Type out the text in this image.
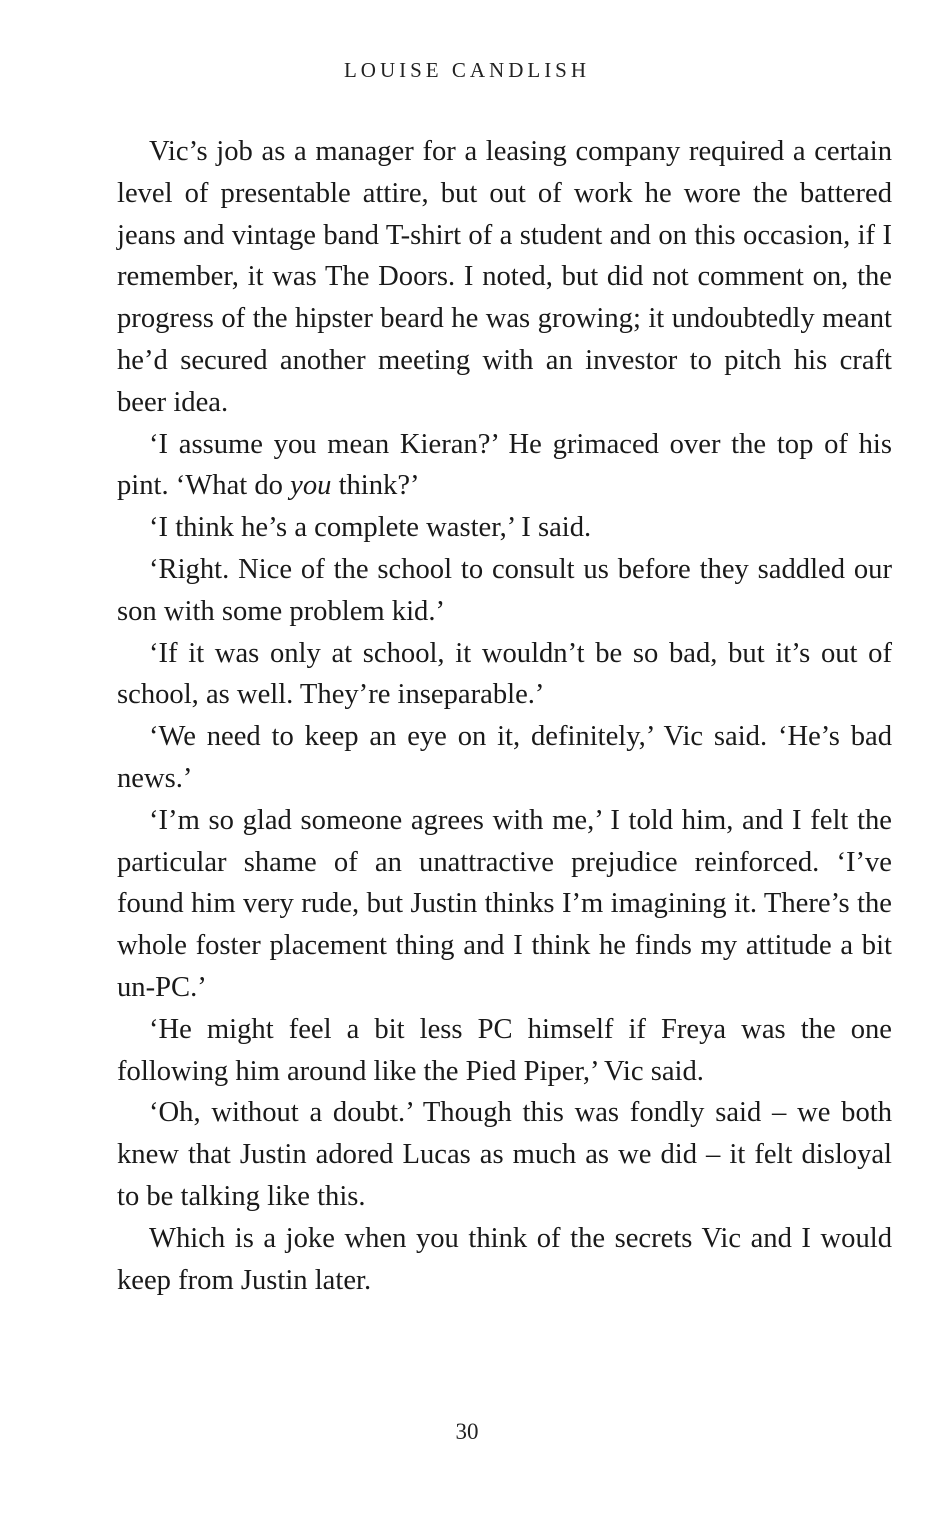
LOUISE CANDLISH

Vic’s job as a manager for a leasing company required a certain level of presentable attire, but out of work he wore the battered jeans and vintage band T-shirt of a student and on this occasion, if I remember, it was The Doors. I noted, but did not comment on, the progress of the hipster beard he was growing; it undoubtedly meant he’d secured another meeting with an investor to pitch his craft beer idea.

‘I assume you mean Kieran?’ He grimaced over the top of his pint. ‘What do you think?’

‘I think he’s a complete waster,’ I said.

‘Right. Nice of the school to consult us before they saddled our son with some problem kid.’

‘If it was only at school, it wouldn’t be so bad, but it’s out of school, as well. They’re inseparable.’

‘We need to keep an eye on it, definitely,’ Vic said. ‘He’s bad news.’

‘I’m so glad someone agrees with me,’ I told him, and I felt the particular shame of an unattractive prejudice reinforced. ‘I’ve found him very rude, but Justin thinks I’m imagining it. There’s the whole foster placement thing and I think he finds my attitude a bit un-PC.’

‘He might feel a bit less PC himself if Freya was the one following him around like the Pied Piper,’ Vic said.

‘Oh, without a doubt.’ Though this was fondly said – we both knew that Justin adored Lucas as much as we did – it felt disloyal to be talking like this.

Which is a joke when you think of the secrets Vic and I would keep from Justin later.

30
